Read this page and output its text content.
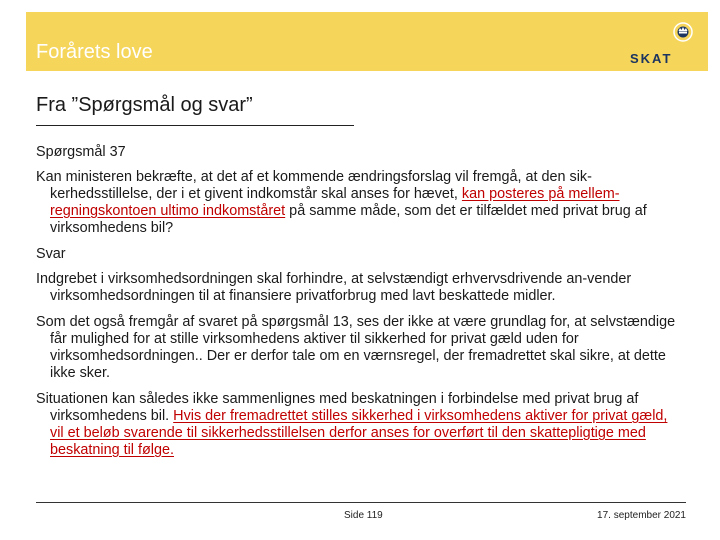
Forårets love	SKAT
Fra ”Spørgsmål og svar”

Spørgsmål 37

Kan ministeren bekræfte, at det af et kommende ændringsforslag vil fremgå, at den sik-kerhedsstillelse, der i et givent indkomstår skal anses for hævet, kan posteres på mellem-regningskontoen ultimo indkomståret på samme måde, som det er tilfældet med privat brug af virksomhedens bil?

Svar

Indgrebet i virksomhedsordningen skal forhindre, at selvstændigt erhvervsdrivende an-vender virksomhedsordningen til at finansiere privatforbrug med lavt beskattede midler.

Som det også fremgår af svaret på spørgsmål 13, ses der ikke at være grundlag for, at selvstændige får mulighed for at stille virksomhedens aktiver til sikkerhed for privat gæld uden for virksomhedsordningen.. Der er derfor tale om en værnsregel, der fremadrettet skal sikre, at dette ikke sker.

Situationen kan således ikke sammenlignes med beskatningen i forbindelse med privat brug af virksomhedens bil. Hvis der fremadrettet stilles sikkerhed i virksomhedens aktiver for privat gæld, vil et beløb svarende til sikkerhedsstillelsen derfor anses for overført til den skattepligtige med beskatning til følge.

Side 119	17. september 2021
